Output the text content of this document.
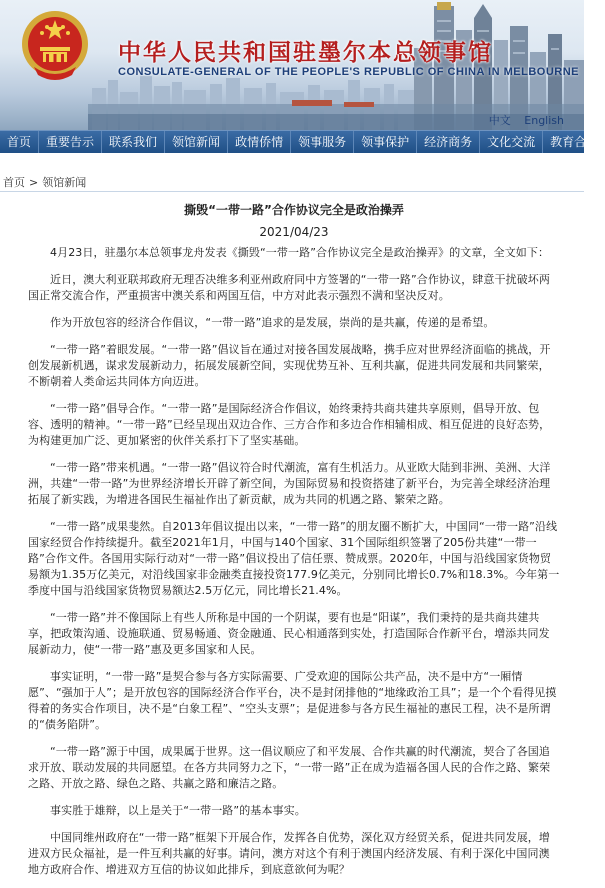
中华人民共和国驻墨尔本总领事馆
CONSULATE-GENERAL OF THE PEOPLE'S REPUBLIC OF CHINA IN MELBOURNE
中文 English
首页	重要告示	联系我们	领馆新闻	政情侨情	领事服务	领事保护	经济商务	文化交流	教育合作
首页 > 领馆新闻
撕毁“一带一路”合作协议完全是政治操弄
2021/04/23

4月23日，驻墨尔本总领事龙舟发表《撕毁“一带一路”合作协议完全是政治操弄》的文章，全文如下：

近日，澳大利亚联邦政府无理否决维多利亚州政府同中方签署的“一带一路”合作协议，肆意干扰破坏两国正常交流合作，严重损害中澳关系和两国互信，中方对此表示强烈不满和坚决反对。

作为开放包容的经济合作倡议，“一带一路”追求的是发展，崇尚的是共赢，传递的是希望。

“一带一路”着眼发展。“一带一路”倡议旨在通过对接各国发展战略，携手应对世界经济面临的挑战，开创发展新机遇，谋求发展新动力，拓展发展新空间，实现优势互补、互利共赢，促进共同发展和共同繁荣，不断朝着人类命运共同体方向迈进。

“一带一路”倡导合作。“一带一路”是国际经济合作倡议，始终秉持共商共建共享原则，倡导开放、包容、透明的精神。“一带一路”已经呈现出双边合作、三方合作和多边合作相辅相成、相互促进的良好态势，为构建更加广泛、更加紧密的伙伴关系打下了坚实基础。

“一带一路”带来机遇。“一带一路”倡议符合时代潮流，富有生机活力。从亚欧大陆到非洲、美洲、大洋洲，共建“一带一路”为世界经济增长开辟了新空间，为国际贸易和投资搭建了新平台，为完善全球经济治理拓展了新实践，为增进各国民生福祉作出了新贡献，成为共同的机遇之路、繁荣之路。

“一带一路”成果斐然。自2013年倡议提出以来，“一带一路”的朋友圈不断扩大，中国同“一带一路”沿线国家经贸合作持续提升。截至2021年1月，中国与140个国家、31个国际组织签署了205份共建“一带一路”合作文件。各国用实际行动对“一带一路”倡议投出了信任票、赞成票。2020年，中国与沿线国家货物贸易额为1.35万亿美元，对沿线国家非金融类直接投资177.9亿美元，分别同比增长0.7%和18.3%。今年第一季度中国与沿线国家货物贸易额达2.5万亿元，同比增长21.4%。

“一带一路”并不像国际上有些人所称是中国的一个阴谋，要有也是“阳谋”，我们秉持的是共商共建共享，把政策沟通、设施联通、贸易畅通、资金融通、民心相通落到实处，打造国际合作新平台，增添共同发展新动力，使“一带一路”惠及更多国家和人民。

事实证明，“一带一路”是契合参与各方实际需要、广受欢迎的国际公共产品，决不是中方“一厢情愿”、“强加于人”；是开放包容的国际经济合作平台，决不是封闭排他的“地缘政治工具”；是一个个看得见摸得着的务实合作项目，决不是“白象工程”、“空头支票”；是促进参与各方民生福祉的惠民工程，决不是所谓的“债务陷阱”。

“一带一路”源于中国，成果属于世界。这一倡议顺应了和平发展、合作共赢的时代潮流，契合了各国追求开放、联动发展的共同愿望。在各方共同努力之下，“一带一路”正在成为造福各国人民的合作之路、繁荣之路、开放之路、绿色之路、共赢之路和廉洁之路。

事实胜于雄辩，以上是关于“一带一路”的基本事实。

中国同维州政府在“一带一路”框架下开展合作，发挥各自优势，深化双方经贸关系，促进共同发展，增进双方民众福祉，是一件互利共赢的好事。请问，澳方对这个有利于澳国内经济发展、有利于深化中国同澳地方政府合作、增进双方互信的协议如此排斥，到底意欲何为呢？
